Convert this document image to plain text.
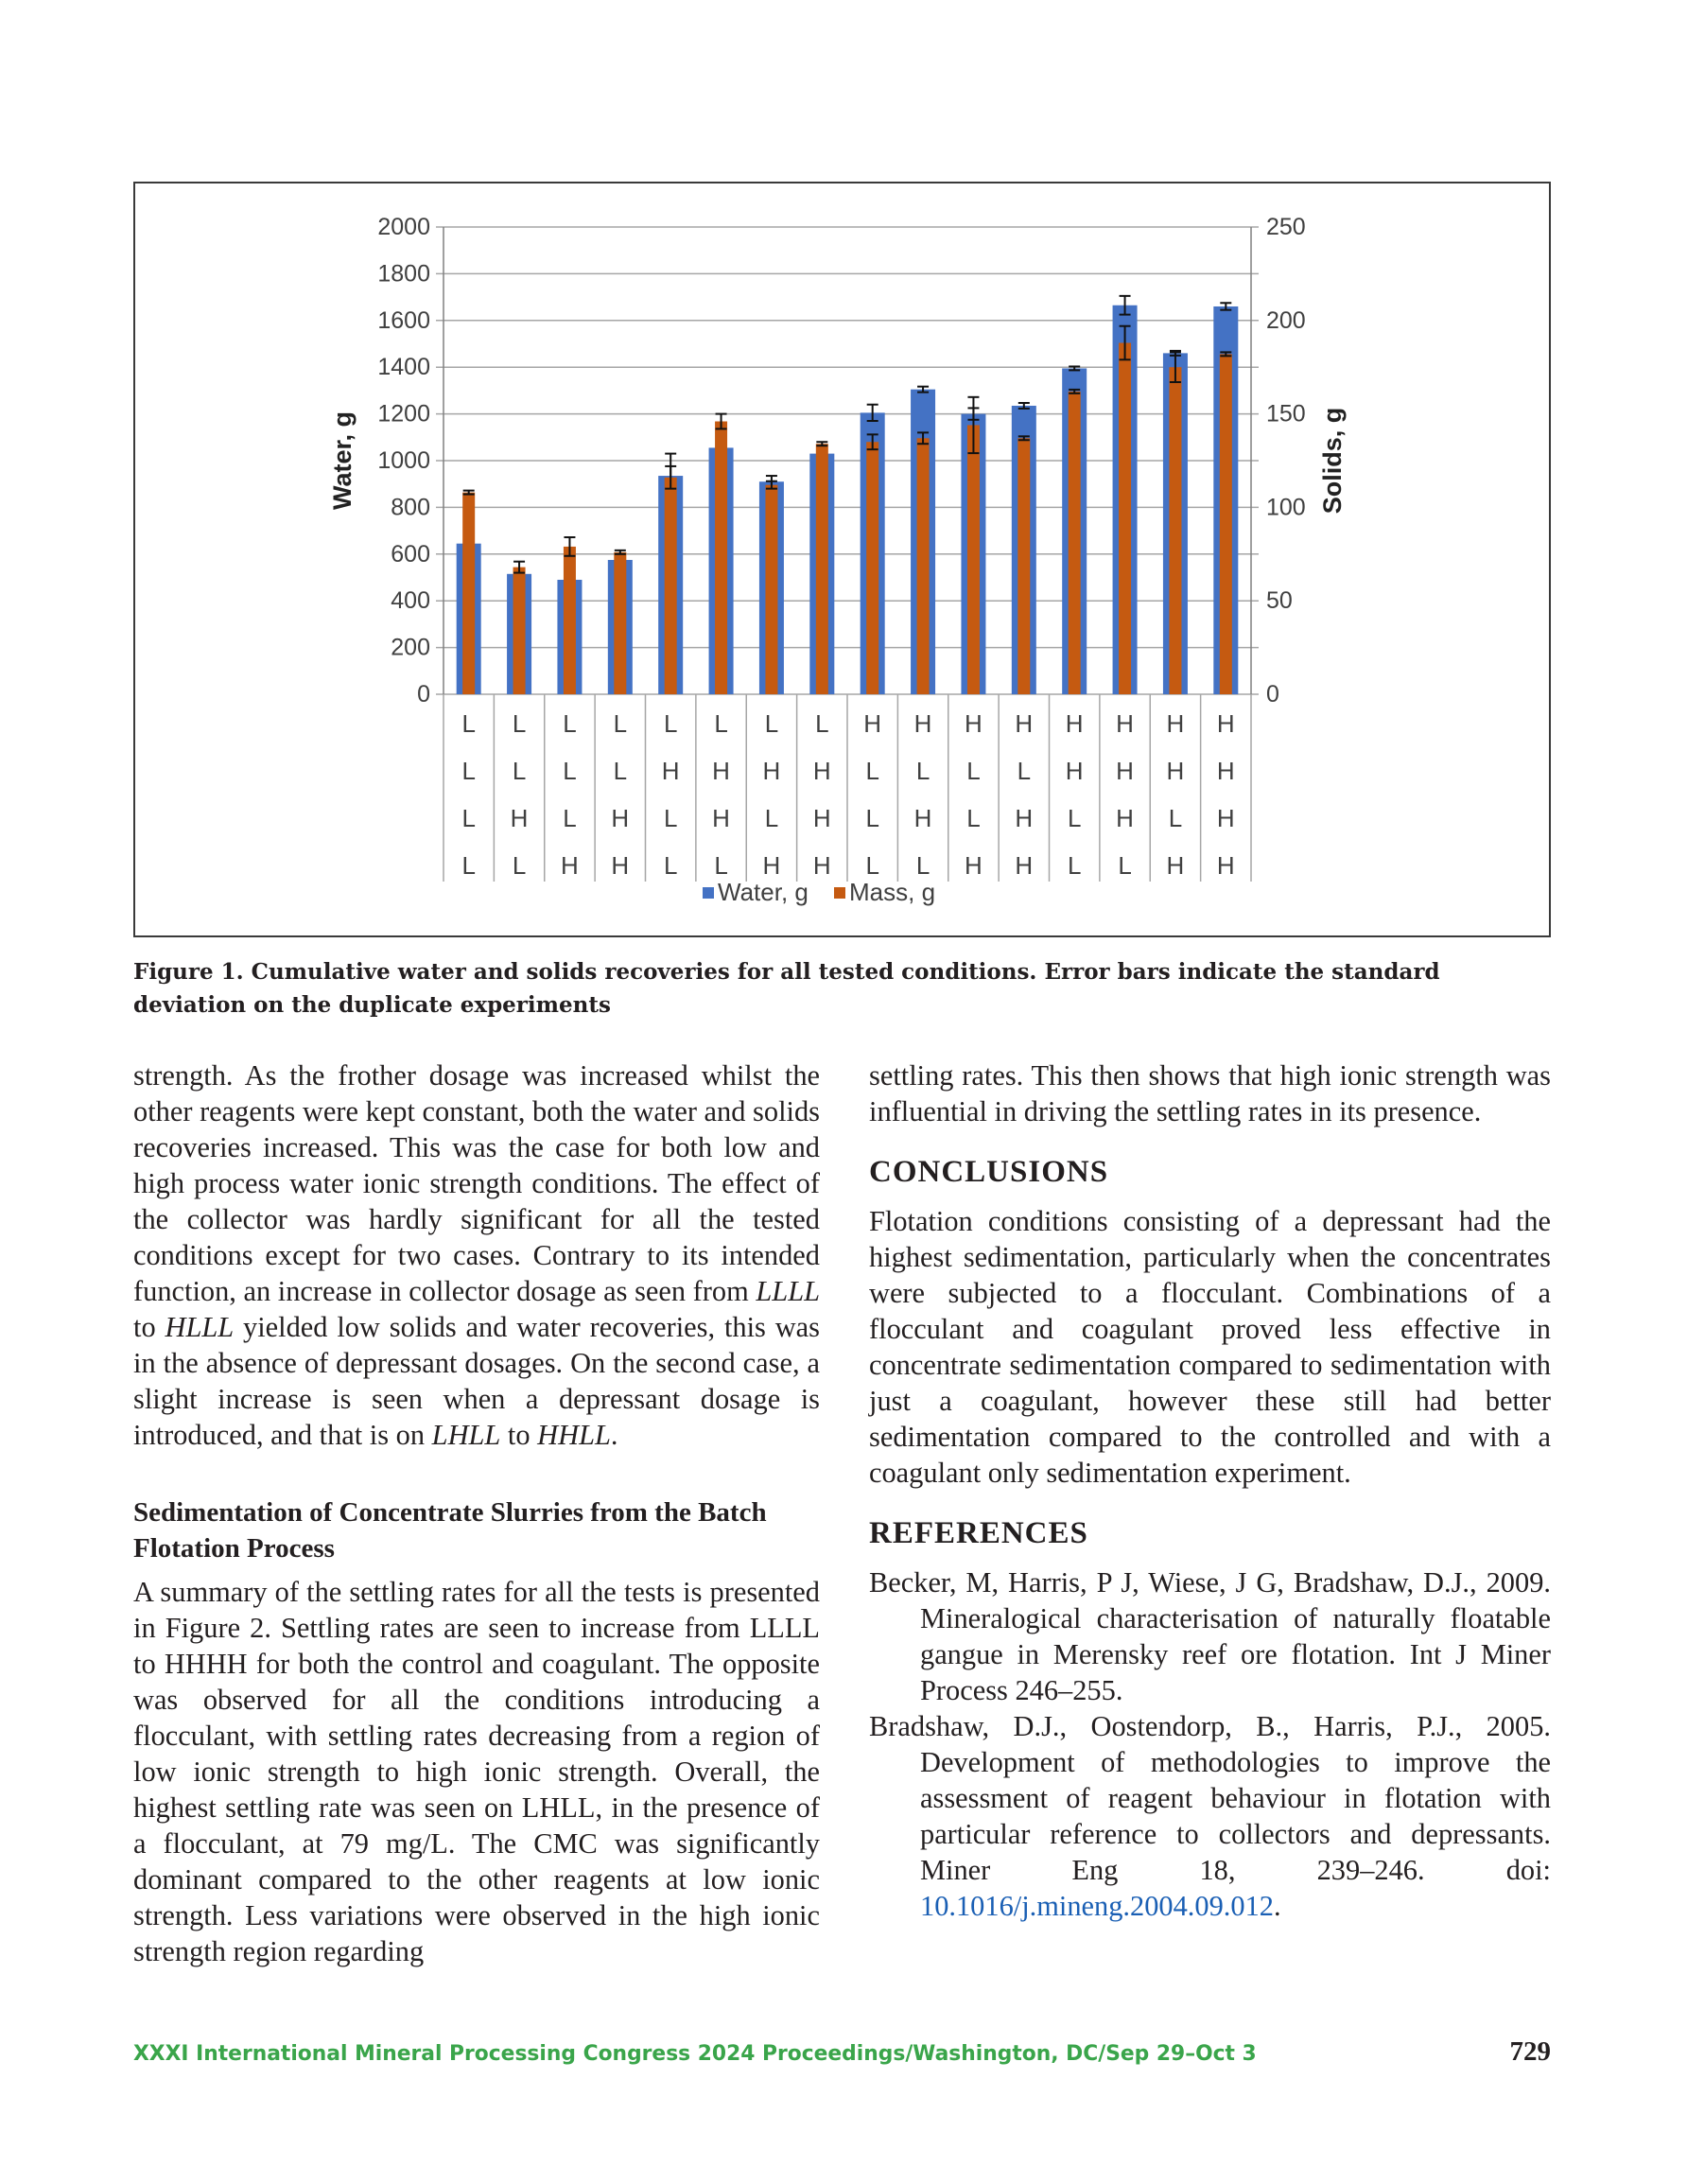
0
200
400
600
800
1000
1200
1400
1600
1800
2000
0
50
100
150
200
250
Water, g	Solids, g
L L L L L L L L H H H H H H H H
L L L L H H H H L L L L H H H H
L H L H L H L H L H L H L H L H
L L H H L L H H L L H H L L H H
Water, g Mass, g
Figure 1. Cumulative water and solids recoveries for all tested conditions. Error bars indicate the standard deviation on the duplicate experiments

strength. As the frother dosage was increased whilst the other reagents were kept constant, both the water and solids recoveries increased. This was the case for both low and high process water ionic strength conditions. The effect of the collector was hardly significant for all the tested conditions except for two cases. Contrary to its intended function, an increase in collector dosage as seen from LLLL to HLLL yielded low solids and water recoveries, this was in the absence of depressant dosages. On the second case, a slight increase is seen when a depressant dosage is introduced, and that is on LHLL to HHLL.

Sedimentation of Concentrate Slurries from the Batch Flotation Process

A summary of the settling rates for all the tests is presented in Figure 2. Settling rates are seen to increase from LLLL to HHHH for both the control and coagulant. The opposite was observed for all the conditions introducing a flocculant, with settling rates decreasing from a region of low ionic strength to high ionic strength. Overall, the highest settling rate was seen on LHLL, in the presence of a flocculant, at 79 mg/L. The CMC was significantly dominant compared to the other reagents at low ionic strength. Less variations were observed in the high ionic strength region regarding

settling rates. This then shows that high ionic strength was influential in driving the settling rates in its presence.

CONCLUSIONS

Flotation conditions consisting of a depressant had the highest sedimentation, particularly when the concentrates were subjected to a flocculant. Combinations of a flocculant and coagulant proved less effective in concentrate sedimentation compared to sedimentation with just a coagulant, however these still had better sedimentation compared to the controlled and with a coagulant only sedimentation experiment.

REFERENCES

Becker, M, Harris, P J, Wiese, J G, Bradshaw, D.J., 2009. Mineralogical characterisation of naturally floatable gangue in Merensky reef ore flotation. Int J Miner Process 246–255.

Bradshaw, D.J., Oostendorp, B., Harris, P.J., 2005. Development of methodologies to improve the assessment of reagent behaviour in flotation with particular reference to collectors and depressants. Miner Eng 18, 239–246. doi: 10.1016/j.mineng.2004.09.012.

XXXI International Mineral Processing Congress 2024 Proceedings/Washington, DC/Sep 29–Oct 3	729
